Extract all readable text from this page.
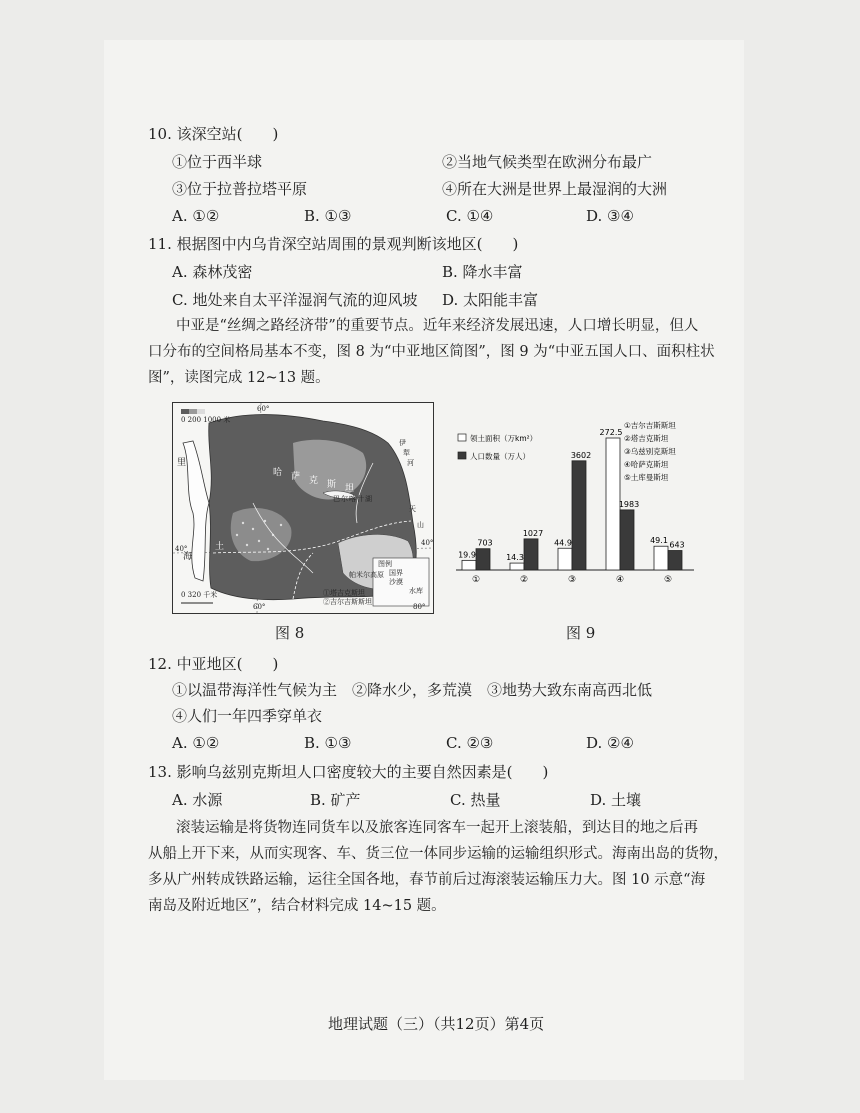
10. 该深空站(　　)
①位于西半球	②当地气候类型在欧洲分布最广
③位于拉普拉塔平原	④所在大洲是世界上最湿润的大洲
A. ①②	B. ①③	C. ①④	D. ③④
11. 根据图中内乌肯深空站周围的景观判断该地区(　　)
A. 森林茂密	B. 降水丰富
C. 地处来自太平洋湿润气流的迎风坡 D. 太阳能丰富
中亚是“丝绸之路经济带”的重要节点。近年来经济发展迅速，人口增长明显，但人
口分布的空间格局基本不变，图 8 为“中亚地区简图”，图 9 为“中亚五国人口、面积柱状
图”，读图完成 12~13 题。
0 200 1000 米
0 320 千米
60°
60°	80°
40°
40°
里
海
哈 萨 克 斯 坦
巴 尔 喀 什 湖
伊
犁
河
天
山
土
图例
国界
沙漠
水库
①塔吉克斯坦
②吉尔吉斯斯坦
帕米尔高原
图 8
19.9
703
①
14.3
1027
②
44.9
3602
③
272.5
1983
④
49.1 643
⑤
领土面积（万km²）
人口数量（万人）
①吉尔吉斯斯坦
②塔吉克斯坦
③乌兹别克斯坦
④哈萨克斯坦
⑤土库曼斯坦
图 9
12. 中亚地区(　　)
①以温带海洋性气候为主　②降水少，多荒漠　③地势大致东南高西北低
④人们一年四季穿单衣
A. ①②	B. ①③	C. ②③	D. ②④
13. 影响乌兹别克斯坦人口密度较大的主要自然因素是(　　)
A. 水源	B. 矿产	C. 热量	D. 土壤
滚装运输是将货物连同货车以及旅客连同客车一起开上滚装船，到达目的地之后再
从船上开下来，从而实现客、车、货三位一体同步运输的运输组织形式。海南出岛的货物，
多从广州转成铁路运输，运往全国各地，春节前后过海滚装运输压力大。图 10 示意“海
南岛及附近地区”，结合材料完成 14~15 题。
地理试题（三）（共12页）第4页
